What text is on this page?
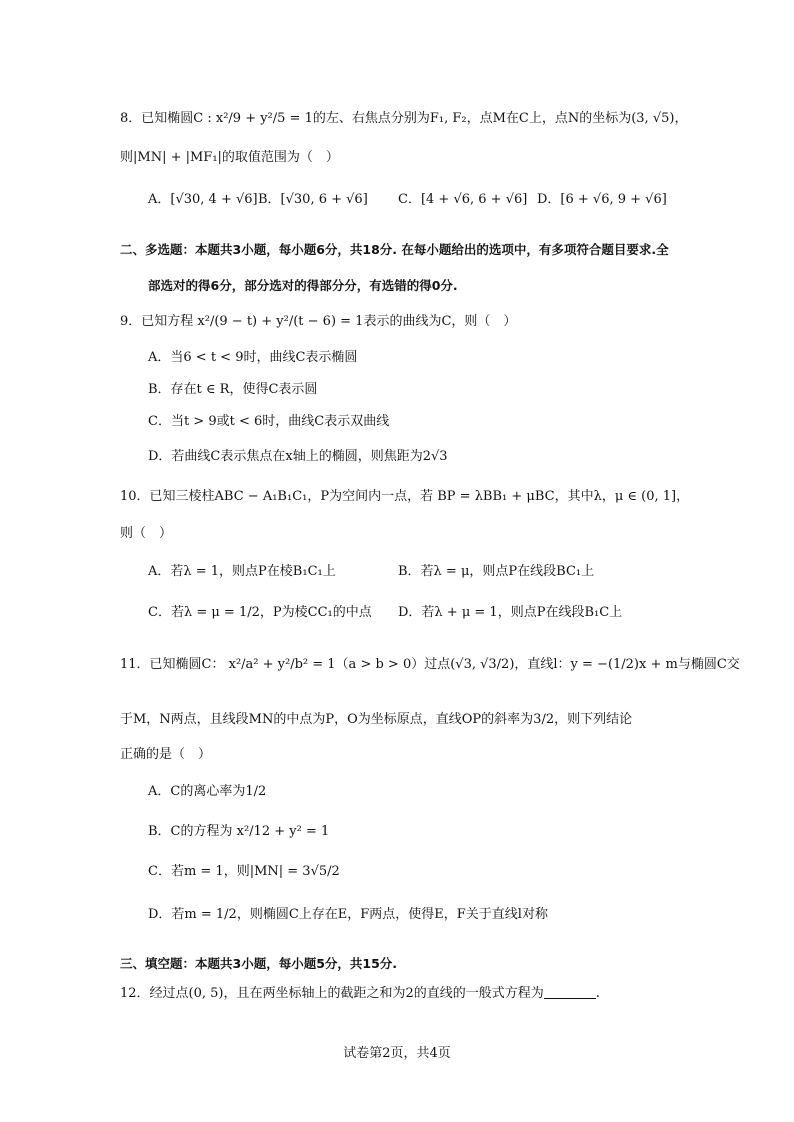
8．已知椭圆C : x²/9 + y²/5 = 1的左、右焦点分别为F₁, F₂，点M在C上，点N的坐标为(3, √5)，
则|MN| + |MF₁|的取值范围为（　）
A．[√30, 4 + √6] B．[√30, 6 + √6] C．[4 + √6, 6 + √6] D．[6 + √6, 9 + √6]
二、多选题：本题共3小题，每小题6分，共18分. 在每小题给出的选项中，有多项符合题目要求.全
部选对的得6分，部分选对的得部分分，有选错的得0分.
9．已知方程 x²/(9 − t) + y²/(t − 6) = 1表示的曲线为C，则（　）
A．当6 < t < 9时，曲线C表示椭圆
B．存在t ∈ R，使得C表示圆
C．当t > 9或t < 6时，曲线C表示双曲线
D．若曲线C表示焦点在x轴上的椭圆，则焦距为2√3
10．已知三棱柱ABC − A₁B₁C₁，P为空间内一点，若 BP = λBB₁ + μBC，其中λ，μ ∈ (0, 1]，
则（　）
A．若λ = 1，则点P在棱B₁C₁上	B．若λ = μ，则点P在线段BC₁上
C．若λ = μ = 1/2，P为棱CC₁的中点 D．若λ + μ = 1，则点P在线段B₁C上
11．已知椭圆C： x²/a² + y²/b² = 1（a > b > 0）过点(√3, √3/2)，直线l：y = −(1/2)x + m与椭圆C交
于M，N两点，且线段MN的中点为P，O为坐标原点，直线OP的斜率为3/2，则下列结论
正确的是（　）
A．C的离心率为1/2
B．C的方程为 x²/12 + y² = 1
C．若m = 1，则|MN| = 3√5/2
D．若m = 1/2，则椭圆C上存在E，F两点，使得E，F关于直线l对称
三、填空题：本题共3小题，每小题5分，共15分.
12．经过点(0, 5)，且在两坐标轴上的截距之和为2的直线的一般式方程为	.
试卷第2页，共4页
